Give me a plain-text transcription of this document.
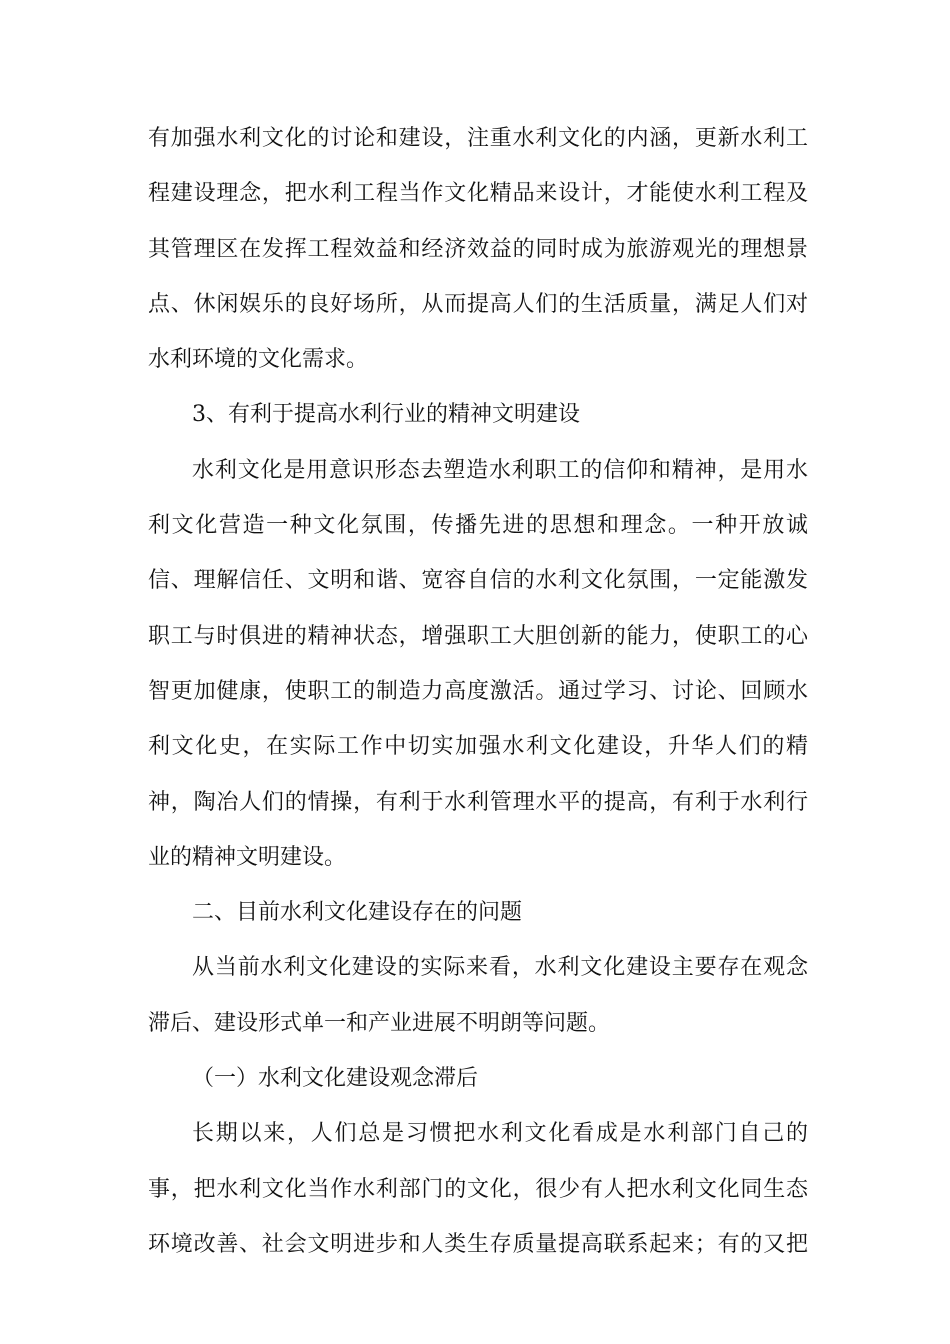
有加强水利文化的讨论和建设，注重水利文化的内涵，更新水利工
程建设理念，把水利工程当作文化精品来设计，才能使水利工程及
其管理区在发挥工程效益和经济效益的同时成为旅游观光的理想景
点、休闲娱乐的良好场所，从而提高人们的生活质量，满足人们对
水利环境的文化需求。
3、有利于提高水利行业的精神文明建设
水利文化是用意识形态去塑造水利职工的信仰和精神，是用水
利文化营造一种文化氛围，传播先进的思想和理念。一种开放诚
信、理解信任、文明和谐、宽容自信的水利文化氛围，一定能激发
职工与时俱进的精神状态，增强职工大胆创新的能力，使职工的心
智更加健康，使职工的制造力高度激活。通过学习、讨论、回顾水
利文化史，在实际工作中切实加强水利文化建设，升华人们的精
神，陶冶人们的情操，有利于水利管理水平的提高，有利于水利行
业的精神文明建设。
二、目前水利文化建设存在的问题
从当前水利文化建设的实际来看，水利文化建设主要存在观念
滞后、建设形式单一和产业进展不明朗等问题。
（一）水利文化建设观念滞后
长期以来，人们总是习惯把水利文化看成是水利部门自己的
事，把水利文化当作水利部门的文化，很少有人把水利文化同生态
环境改善、社会文明进步和人类生存质量提高联系起来；有的又把
